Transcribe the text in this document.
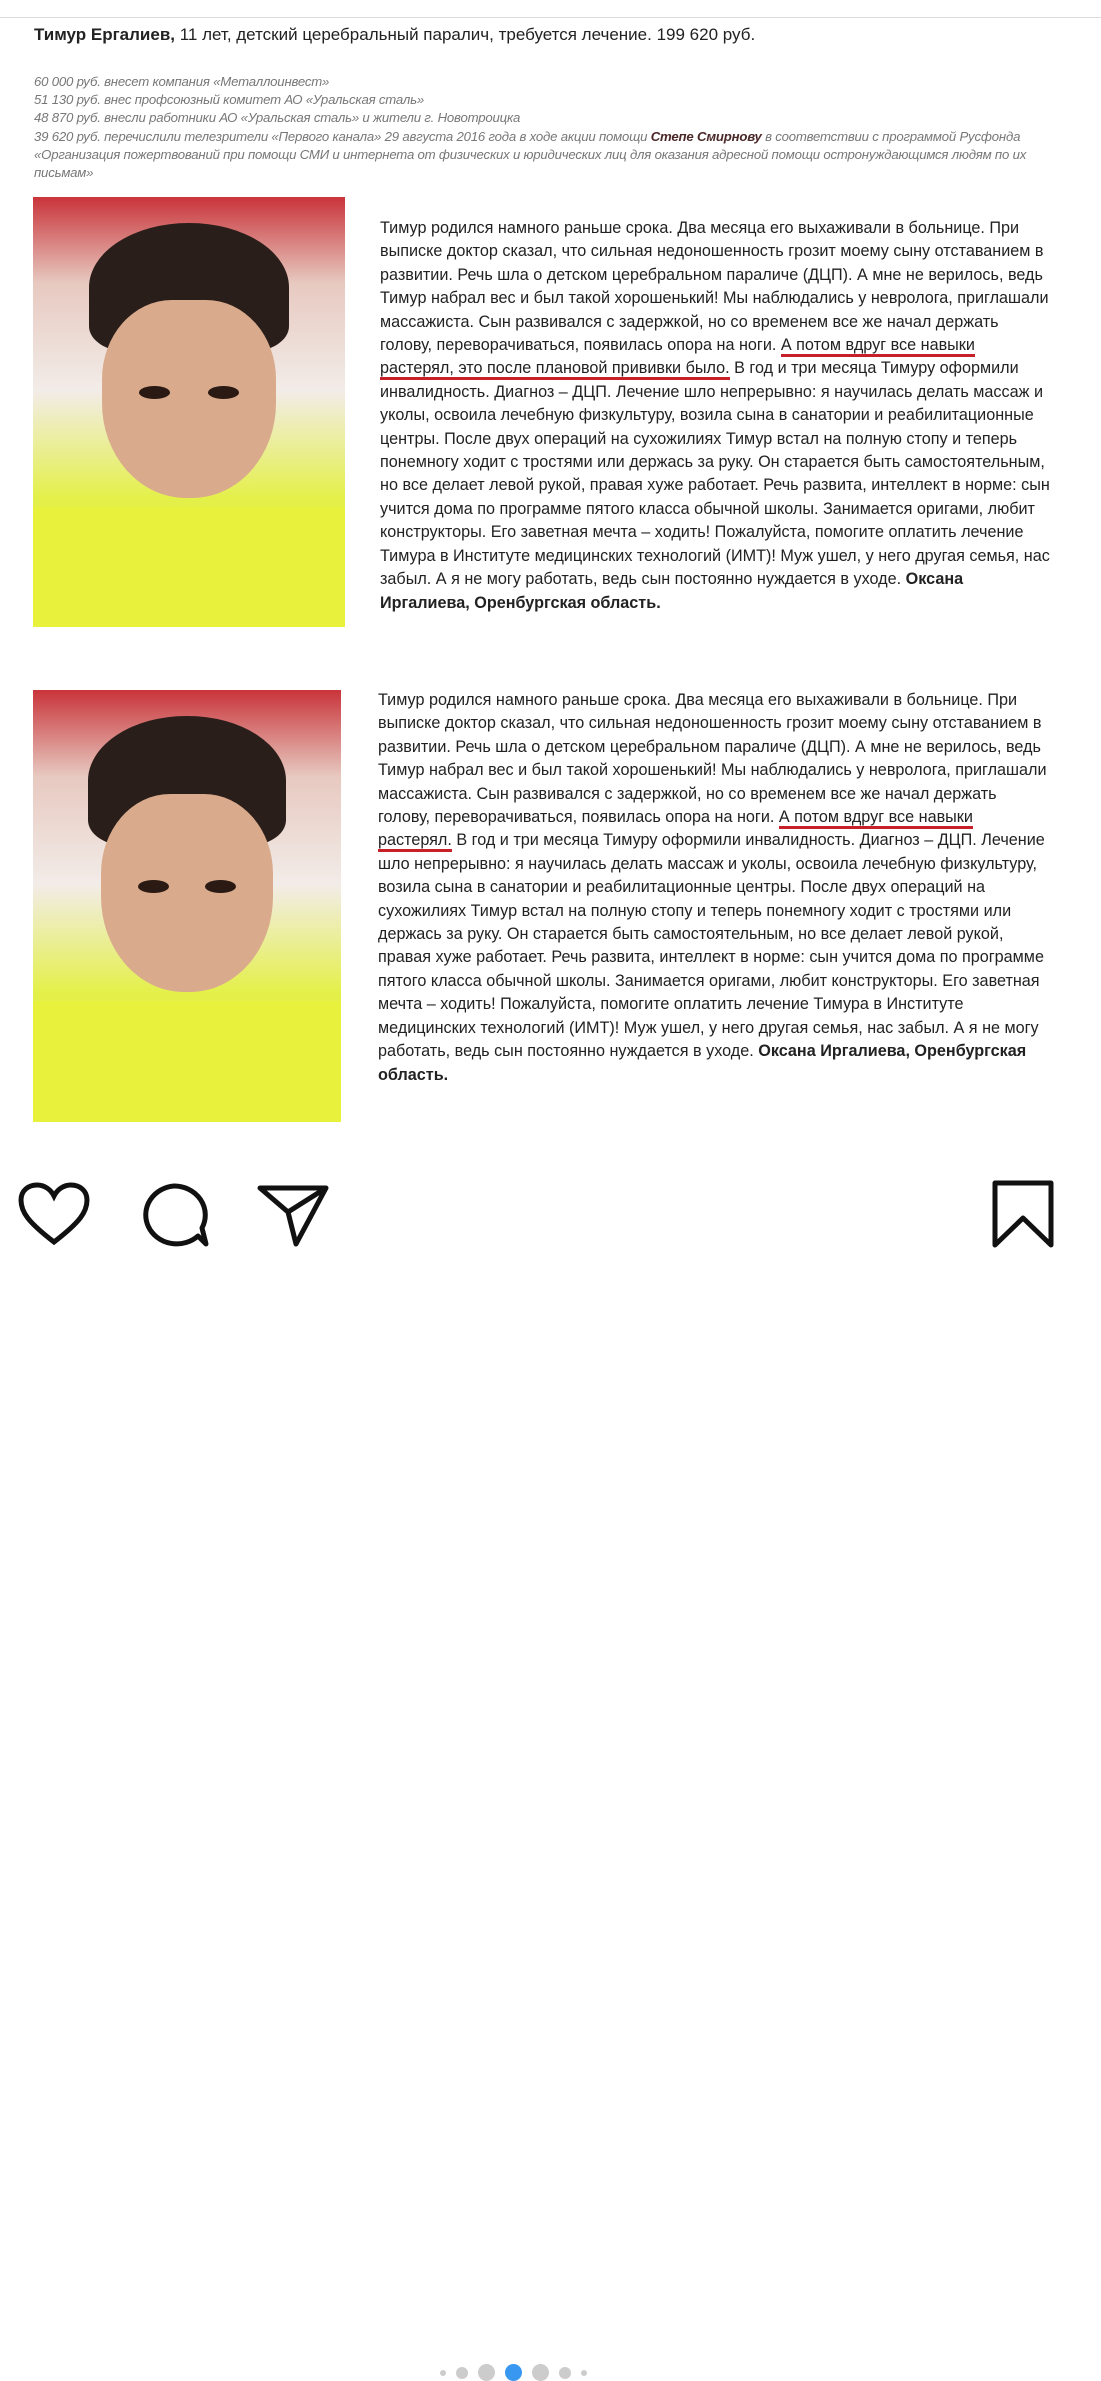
Тимур Ергалиев, 11 лет, детский церебральный паралич, требуется лечение. 199 620 руб.
60 000 руб. внесет компания «Металлоинвест»
51 130 руб. внес профсоюзный комитет АО «Уральская сталь»
48 870 руб. внесли работники АО «Уральская сталь» и жители г. Новотроицка
39 620 руб. перечислили телезрители «Первого канала» 29 августа 2016 года в ходе акции помощи Степе Смирнову в соответствии с программой Русфонда «Организация пожертвований при помощи СМИ и интернета от физических и юридических лиц для оказания адресной помощи остронуждающимся людям по их письмам»
Тимур родился намного раньше срока. Два месяца его выхаживали в больнице. При выписке доктор сказал, что сильная недоношенность грозит моему сыну отставанием в развитии. Речь шла о детском церебральном параличе (ДЦП). А мне не верилось, ведь Тимур набрал вес и был такой хорошенький! Мы наблюдались у невролога, приглашали массажиста. Сын развивался с задержкой, но со временем все же начал держать голову, переворачиваться, появилась опора на ноги. А потом вдруг все навыки растерял, это после плановой прививки было. В год и три месяца Тимуру оформили инвалидность. Диагноз – ДЦП. Лечение шло непрерывно: я научилась делать массаж и уколы, освоила лечебную физкультуру, возила сына в санатории и реабилитационные центры. После двух операций на сухожилиях Тимур встал на полную стопу и теперь понемногу ходит с тростями или держась за руку. Он старается быть самостоятельным, но все делает левой рукой, правая хуже работает. Речь развита, интеллект в норме: сын учится дома по программе пятого класса обычной школы. Занимается оригами, любит конструкторы. Его заветная мечта – ходить! Пожалуйста, помогите оплатить лечение Тимура в Институте медицинских технологий (ИМТ)! Муж ушел, у него другая семья, нас забыл. А я не могу работать, ведь сын постоянно нуждается в уходе. Оксана Иргалиева, Оренбургская область.
Тимур родился намного раньше срока. Два месяца его выхаживали в больнице. При выписке доктор сказал, что сильная недоношенность грозит моему сыну отставанием в развитии. Речь шла о детском церебральном параличе (ДЦП). А мне не верилось, ведь Тимур набрал вес и был такой хорошенький! Мы наблюдались у невролога, приглашали массажиста. Сын развивался с задержкой, но со временем все же начал держать голову, переворачиваться, появилась опора на ноги. А потом вдруг все навыки растерял. В год и три месяца Тимуру оформили инвалидность. Диагноз – ДЦП. Лечение шло непрерывно: я научилась делать массаж и уколы, освоила лечебную физкультуру, возила сына в санатории и реабилитационные центры. После двух операций на сухожилиях Тимур встал на полную стопу и теперь понемногу ходит с тростями или держась за руку. Он старается быть самостоятельным, но все делает левой рукой, правая хуже работает. Речь развита, интеллект в норме: сын учится дома по программе пятого класса обычной школы. Занимается оригами, любит конструкторы. Его заветная мечта – ходить! Пожалуйста, помогите оплатить лечение Тимура в Институте медицинских технологий (ИМТ)! Муж ушел, у него другая семья, нас забыл. А я не могу работать, ведь сын постоянно нуждается в уходе. Оксана Иргалиева, Оренбургская область.
